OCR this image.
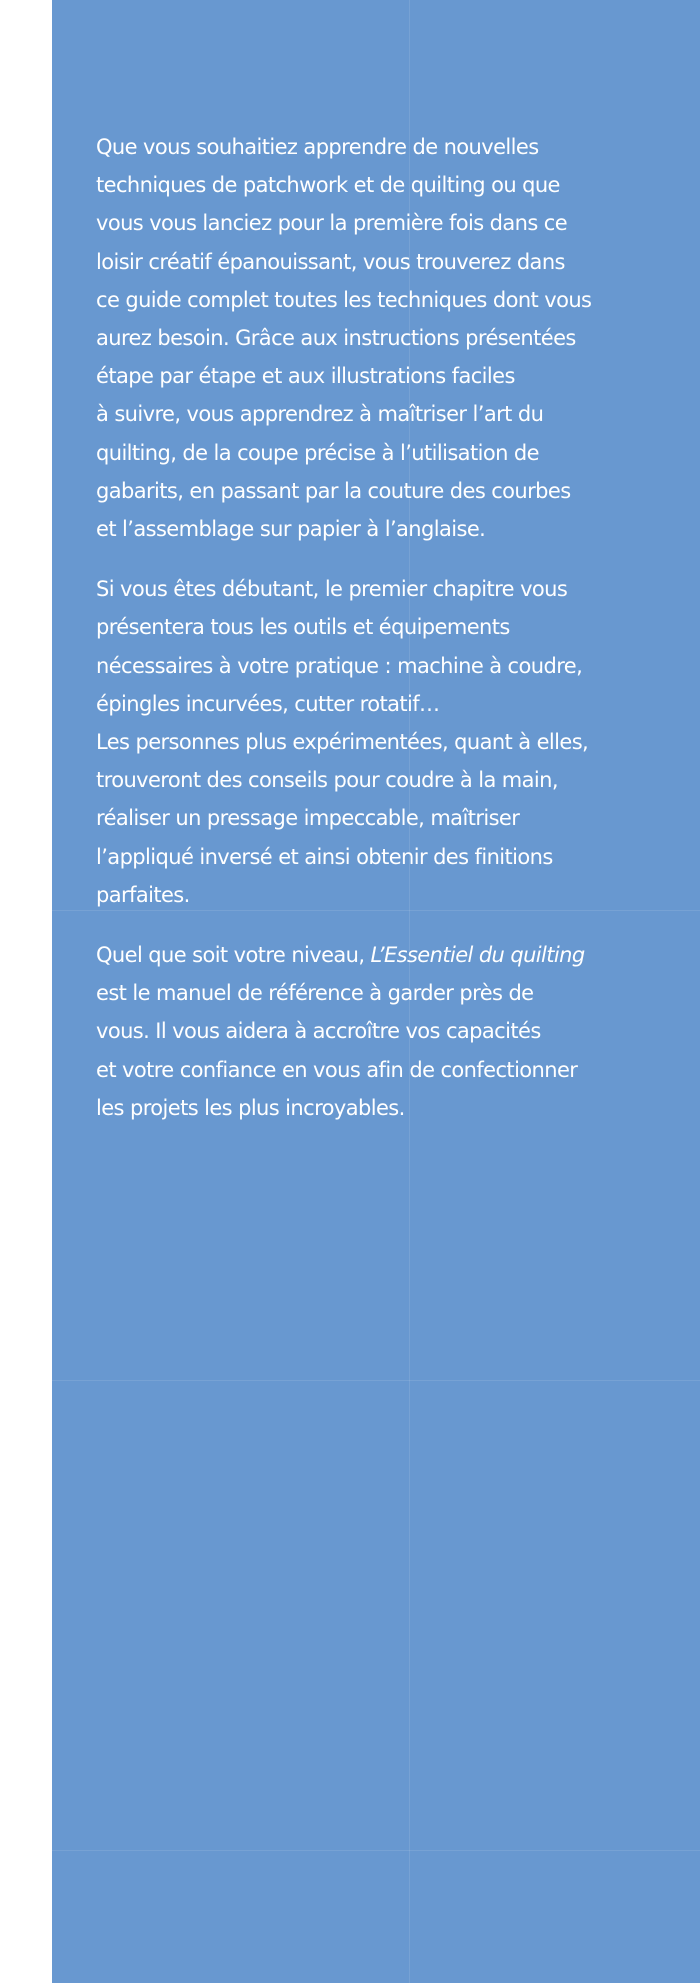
Que vous souhaitiez apprendre de nouvelles
techniques de patchwork et de quilting ou que
vous vous lanciez pour la première fois dans ce
loisir créatif épanouissant, vous trouverez dans
ce guide complet toutes les techniques dont vous
aurez besoin. Grâce aux instructions présentées
étape par étape et aux illustrations faciles
à suivre, vous apprendrez à maîtriser l’art du
quilting, de la coupe précise à l’utilisation de
gabarits, en passant par la couture des courbes
et l’assemblage sur papier à l’anglaise.

Si vous êtes débutant, le premier chapitre vous
présentera tous les outils et équipements
nécessaires à votre pratique : machine à coudre,
épingles incurvées, cutter rotatif…
Les personnes plus expérimentées, quant à elles,
trouveront des conseils pour coudre à la main,
réaliser un pressage impeccable, maîtriser
l’appliqué inversé et ainsi obtenir des finitions
parfaites.

Quel que soit votre niveau, L’Essentiel du quilting
est le manuel de référence à garder près de
vous. Il vous aidera à accroître vos capacités
et votre confiance en vous afin de confectionner
les projets les plus incroyables.
